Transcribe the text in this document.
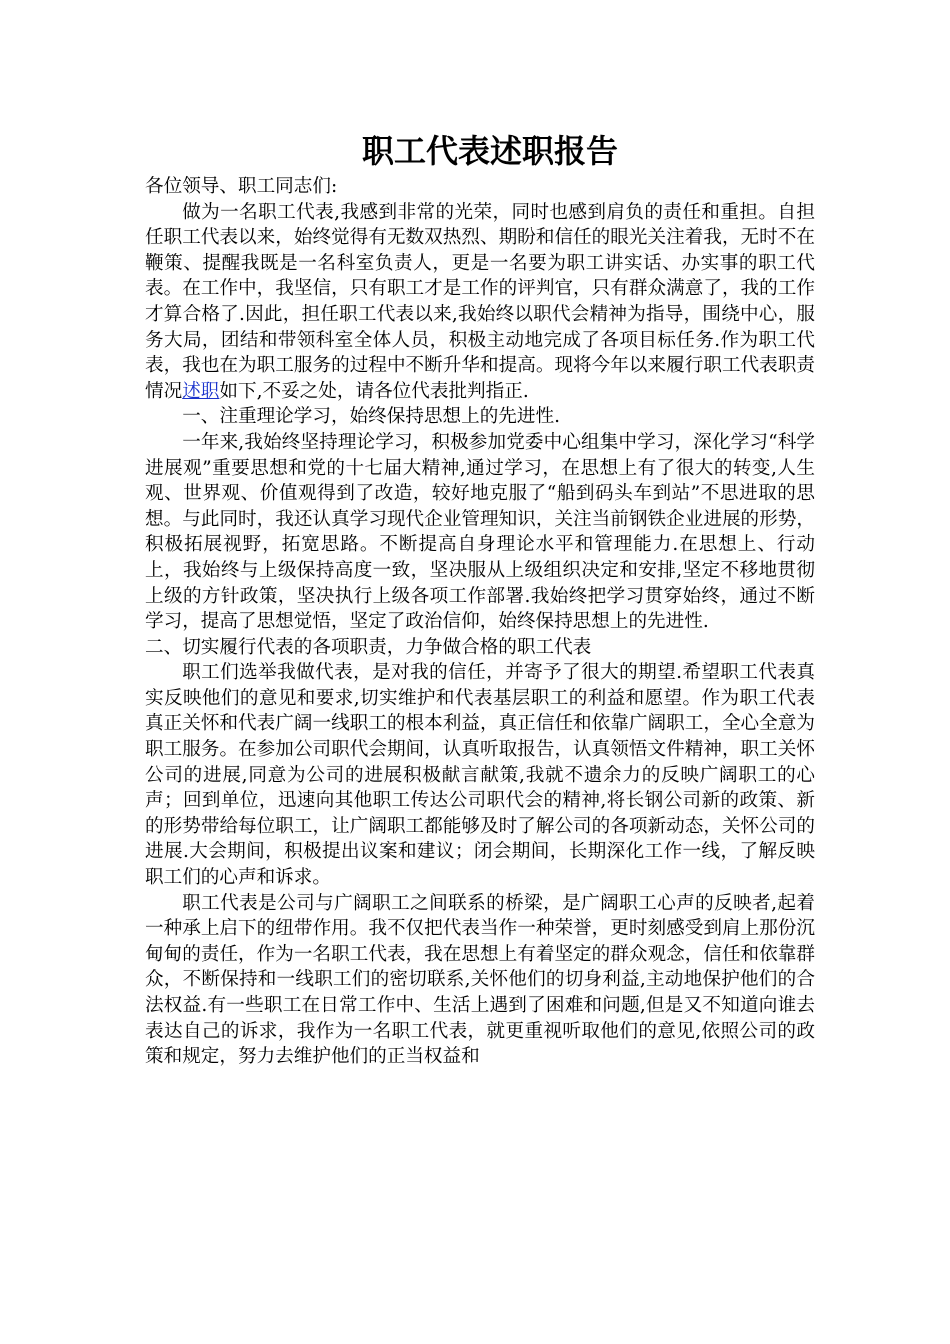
职工代表述职报告

各位领导、职工同志们:

做为一名职工代表,我感到非常的光荣，同时也感到肩负的责任和重担。自担任职工代表以来，始终觉得有无数双热烈、期盼和信任的眼光关注着我，无时不在鞭策、提醒我既是一名科室负责人，更是一名要为职工讲实话、办实事的职工代表。在工作中，我坚信，只有职工才是工作的评判官，只有群众满意了，我的工作才算合格了.因此，担任职工代表以来,我始终以职代会精神为指导，围绕中心，服务大局，团结和带领科室全体人员，积极主动地完成了各项目标任务.作为职工代表，我也在为职工服务的过程中不断升华和提高。现将今年以来履行职工代表职责情况述职如下,不妥之处，请各位代表批判指正.

一、注重理论学习，始终保持思想上的先进性.

一年来,我始终坚持理论学习，积极参加党委中心组集中学习，深化学习“科学进展观”重要思想和党的十七届大精神,通过学习，在思想上有了很大的转变,人生观、世界观、价值观得到了改造，较好地克服了“船到码头车到站”不思进取的思想。与此同时，我还认真学习现代企业管理知识，关注当前钢铁企业进展的形势，积极拓展视野，拓宽思路。不断提高自身理论水平和管理能力.在思想上、行动上，我始终与上级保持高度一致，坚决服从上级组织决定和安排,坚定不移地贯彻上级的方针政策，坚决执行上级各项工作部署.我始终把学习贯穿始终，通过不断学习，提高了思想觉悟，坚定了政治信仰，始终保持思想上的先进性.

二、切实履行代表的各项职责，力争做合格的职工代表

职工们选举我做代表，是对我的信任，并寄予了很大的期望.希望职工代表真实反映他们的意见和要求,切实维护和代表基层职工的利益和愿望。作为职工代表真正关怀和代表广阔一线职工的根本利益，真正信任和依靠广阔职工，全心全意为职工服务。在参加公司职代会期间，认真听取报告，认真领悟文件精神，职工关怀公司的进展,同意为公司的进展积极献言献策,我就不遗余力的反映广阔职工的心声；回到单位，迅速向其他职工传达公司职代会的精神,将长钢公司新的政策、新的形势带给每位职工，让广阔职工都能够及时了解公司的各项新动态，关怀公司的进展.大会期间，积极提出议案和建议；闭会期间，长期深化工作一线，了解反映职工们的心声和诉求。

职工代表是公司与广阔职工之间联系的桥梁，是广阔职工心声的反映者,起着一种承上启下的纽带作用。我不仅把代表当作一种荣誉，更时刻感受到肩上那份沉甸甸的责任，作为一名职工代表，我在思想上有着坚定的群众观念，信任和依靠群众，不断保持和一线职工们的密切联系,关怀他们的切身利益,主动地保护他们的合法权益.有一些职工在日常工作中、生活上遇到了困难和问题,但是又不知道向谁去表达自己的诉求，我作为一名职工代表，就更重视听取他们的意见,依照公司的政策和规定，努力去维护他们的正当权益和
